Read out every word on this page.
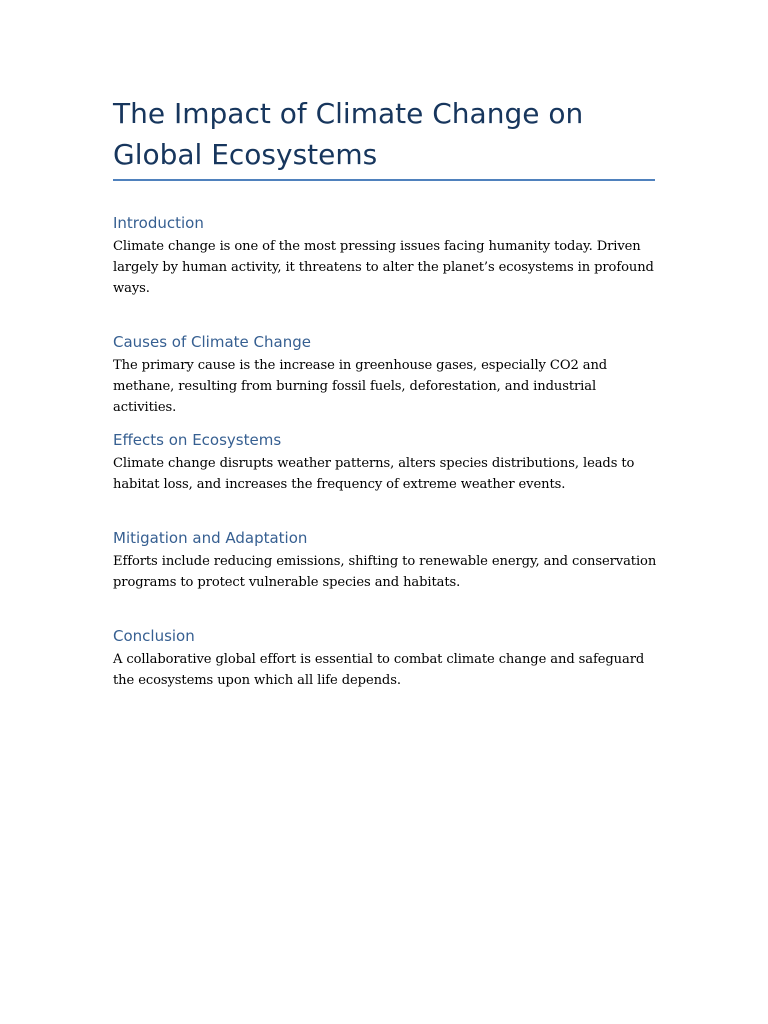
The Impact of Climate Change on Global Ecosystems
Introduction

Climate change is one of the most pressing issues facing humanity today. Driven largely by human activity, it threatens to alter the planet’s ecosystems in profound ways.

Causes of Climate Change

The primary cause is the increase in greenhouse gases, especially CO2 and methane, resulting from burning fossil fuels, deforestation, and industrial activities.

Effects on Ecosystems

Climate change disrupts weather patterns, alters species distributions, leads to habitat loss, and increases the frequency of extreme weather events.

Mitigation and Adaptation

Efforts include reducing emissions, shifting to renewable energy, and conservation programs to protect vulnerable species and habitats.

Conclusion

A collaborative global effort is essential to combat climate change and safeguard the ecosystems upon which all life depends.
